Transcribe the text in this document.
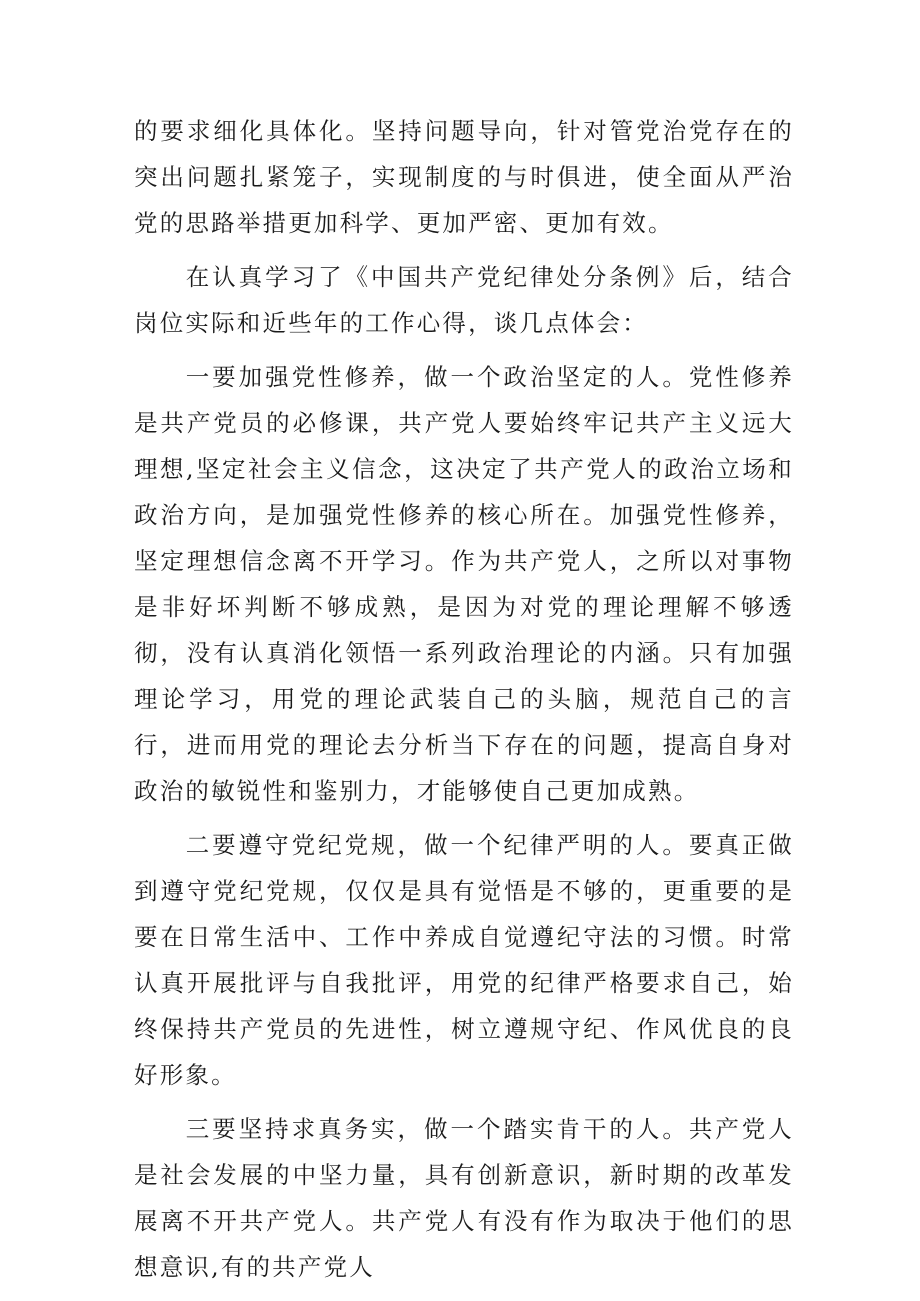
的要求细化具体化。坚持问题导向，针对管党治党存在的突出问题扎紧笼子，实现制度的与时俱进，使全面从严治党的思路举措更加科学、更加严密、更加有效。

在认真学习了《中国共产党纪律处分条例》后，结合岗位实际和近些年的工作心得，谈几点体会：

一要加强党性修养，做一个政治坚定的人。党性修养是共产党员的必修课，共产党人要始终牢记共产主义远大理想,坚定社会主义信念，这决定了共产党人的政治立场和政治方向，是加强党性修养的核心所在。加强党性修养，坚定理想信念离不开学习。作为共产党人，之所以对事物是非好坏判断不够成熟，是因为对党的理论理解不够透彻，没有认真消化领悟一系列政治理论的内涵。只有加强理论学习，用党的理论武装自己的头脑，规范自己的言行，进而用党的理论去分析当下存在的问题，提高自身对政治的敏锐性和鉴别力，才能够使自己更加成熟。

二要遵守党纪党规，做一个纪律严明的人。要真正做到遵守党纪党规，仅仅是具有觉悟是不够的，更重要的是要在日常生活中、工作中养成自觉遵纪守法的习惯。时常认真开展批评与自我批评，用党的纪律严格要求自己，始终保持共产党员的先进性，树立遵规守纪、作风优良的良好形象。

三要坚持求真务实，做一个踏实肯干的人。共产党人是社会发展的中坚力量，具有创新意识，新时期的改革发展离不开共产党人。共产党人有没有作为取决于他们的思想意识,有的共产党人
